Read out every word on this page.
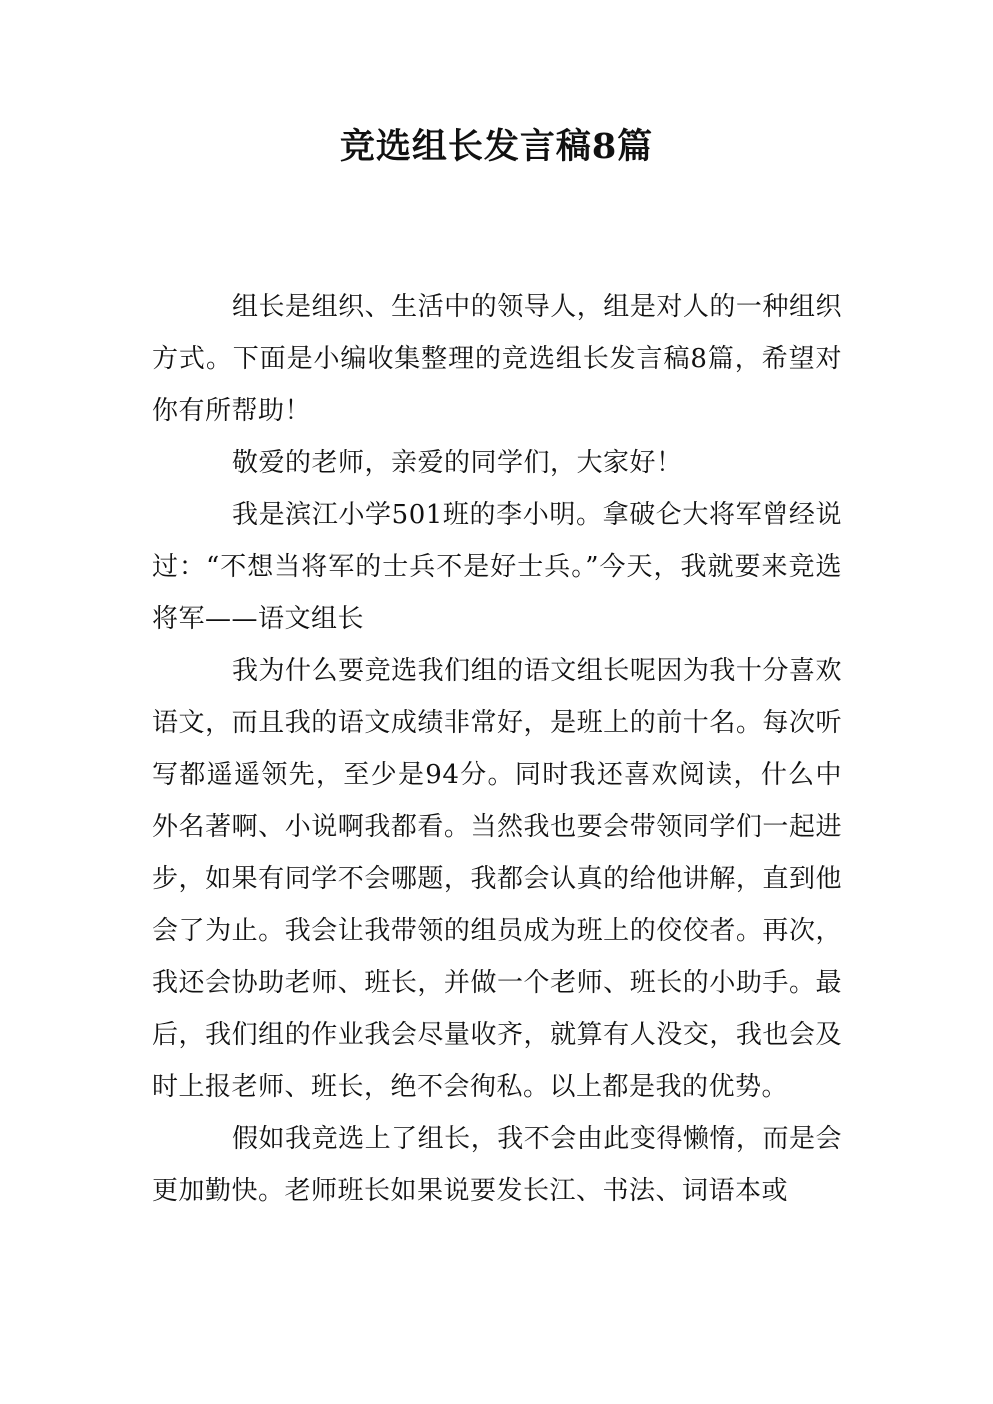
竞选组长发言稿8篇

组长是组织、生活中的领导人，组是对人的一种组织方式。下面是小编收集整理的竞选组长发言稿8篇，希望对你有所帮助！

敬爱的老师，亲爱的同学们，大家好！

我是滨江小学501班的李小明。拿破仑大将军曾经说过：“不想当将军的士兵不是好士兵。”今天，我就要来竞选将军——语文组长

我为什么要竞选我们组的语文组长呢因为我十分喜欢语文，而且我的语文成绩非常好，是班上的前十名。每次听写都遥遥领先，至少是94分。同时我还喜欢阅读，什么中外名著啊、小说啊我都看。当然我也要会带领同学们一起进步，如果有同学不会哪题，我都会认真的给他讲解，直到他会了为止。我会让我带领的组员成为班上的佼佼者。再次，我还会协助老师、班长，并做一个老师、班长的小助手。最后，我们组的作业我会尽量收齐，就算有人没交，我也会及时上报老师、班长，绝不会徇私。以上都是我的优势。

假如我竞选上了组长，我不会由此变得懒惰，而是会更加勤快。老师班长如果说要发长江、书法、词语本或
